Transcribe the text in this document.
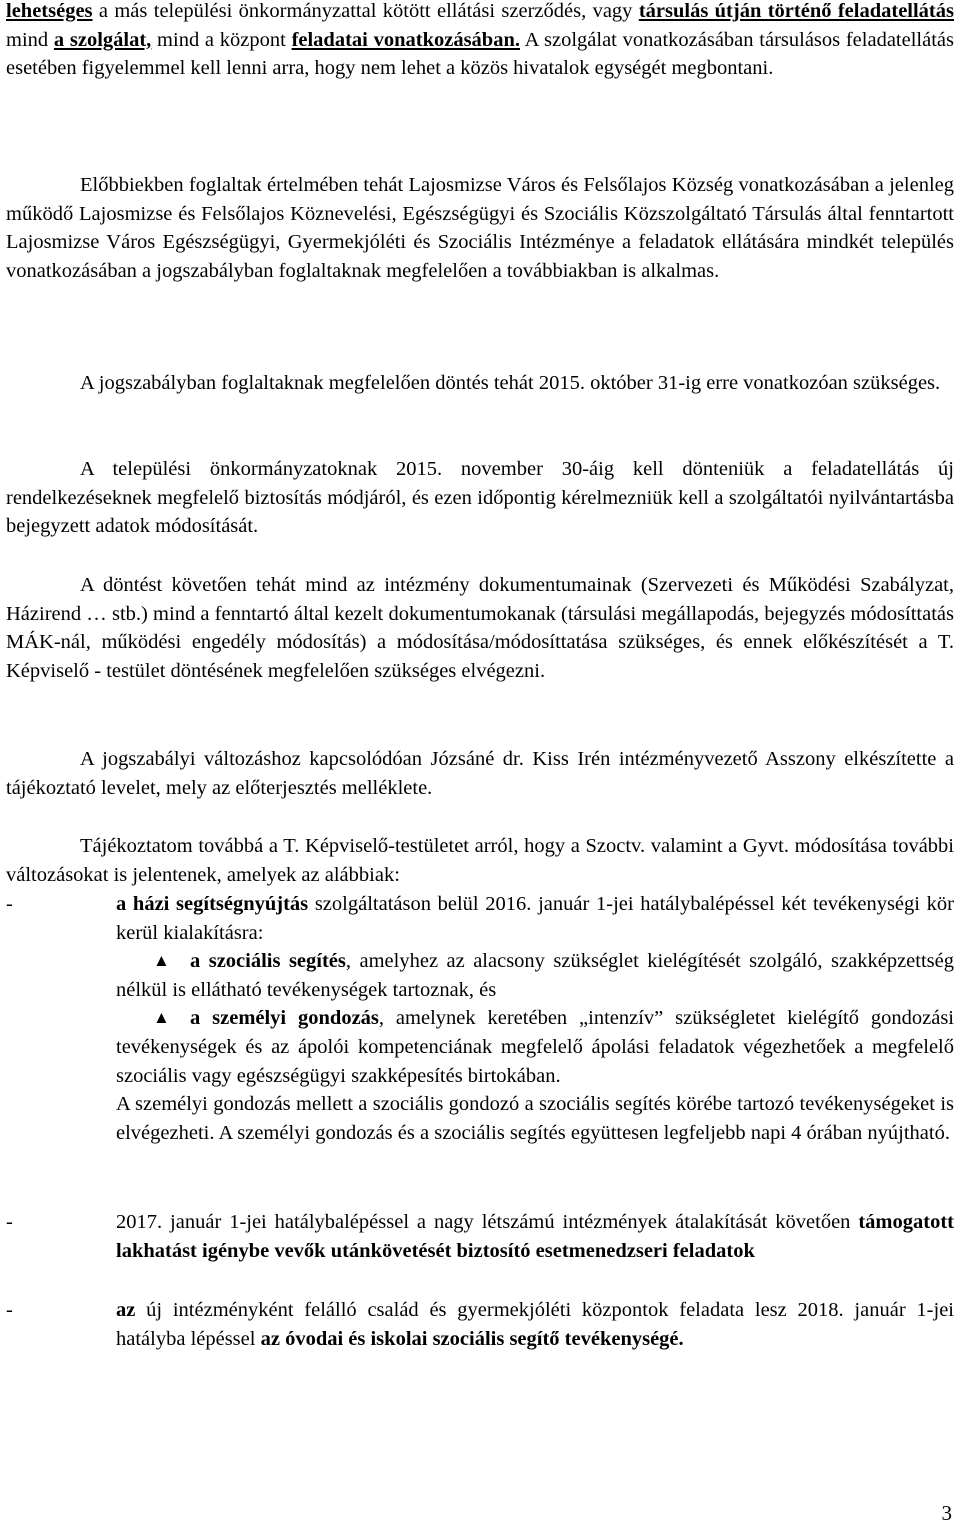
lehetséges a más települési önkormányzattal kötött ellátási szerződés, vagy társulás útján történő feladatellátás mind a szolgálat, mind a központ feladatai vonatkozásában. A szolgálat vonatkozásában társulásos feladatellátás esetében figyelemmel kell lenni arra, hogy nem lehet a közös hivatalok egységét megbontani.

Előbbiekben foglaltak értelmében tehát Lajosmizse Város és Felsőlajos Község vonatkozásában a jelenleg működő Lajosmizse és Felsőlajos Köznevelési, Egészségügyi és Szociális Közszolgáltató Társulás által fenntartott Lajosmizse Város Egészségügyi, Gyermekjóléti és Szociális Intézménye a feladatok ellátására mindkét település vonatkozásában a jogszabályban foglaltaknak megfelelően a továbbiakban is alkalmas.

A jogszabályban foglaltaknak megfelelően döntés tehát 2015. október 31-ig erre vonatkozóan szükséges.

A települési önkormányzatoknak 2015. november 30-áig kell dönteniük a feladatellátás új rendelkezéseknek megfelelő biztosítás módjáról, és ezen időpontig kérelmezniük kell a szolgáltatói nyilvántartásba bejegyzett adatok módosítását.

A döntést követően tehát mind az intézmény dokumentumainak (Szervezeti és Működési Szabályzat, Házirend … stb.) mind a fenntartó által kezelt dokumentumokanak (társulási megállapodás, bejegyzés módosíttatás MÁK-nál, működési engedély módosítás) a módosítása/módosíttatása szükséges, és ennek előkészítését a T. Képviselő - testület döntésének megfelelően szükséges elvégezni.

A jogszabályi változáshoz kapcsolódóan Józsáné dr. Kiss Irén intézményvezető Asszony elkészítette a tájékoztató levelet, mely az előterjesztés melléklete.

Tájékoztatom továbbá a T. Képviselő-testületet arról, hogy a Szoctv. valamint a Gyvt. módosítása további változásokat is jelentenek, amelyek az alábbiak:

-	a házi segítségnyújtás szolgáltatáson belül 2016. január 1-jei hatálybalépéssel két tevékenységi kör kerül kialakításra:

▲ a szociális segítés, amelyhez az alacsony szükséglet kielégítését szolgáló, szakképzettség nélkül is ellátható tevékenységek tartoznak, és

▲ a személyi gondozás, amelynek keretében „intenzív” szükségletet kielégítő gondozási tevékenységek és az ápolói kompetenciának megfelelő ápolási feladatok végezhetőek a megfelelő szociális vagy egészségügyi szakképesítés birtokában.

A személyi gondozás mellett a szociális gondozó a szociális segítés körébe tartozó tevékenységeket is elvégezheti. A személyi gondozás és a szociális segítés együttesen legfeljebb napi 4 órában nyújtható.

-	2017. január 1-jei hatálybalépéssel a nagy létszámú intézmények átalakítását követően támogatott lakhatást igénybe vevők utánkövetését biztosító esetmenedzseri feladatok

-	az új intézményként felálló család és gyermekjóléti központok feladata lesz 2018. január 1-jei hatályba lépéssel az óvodai és iskolai szociális segítő tevékenységé.

3
